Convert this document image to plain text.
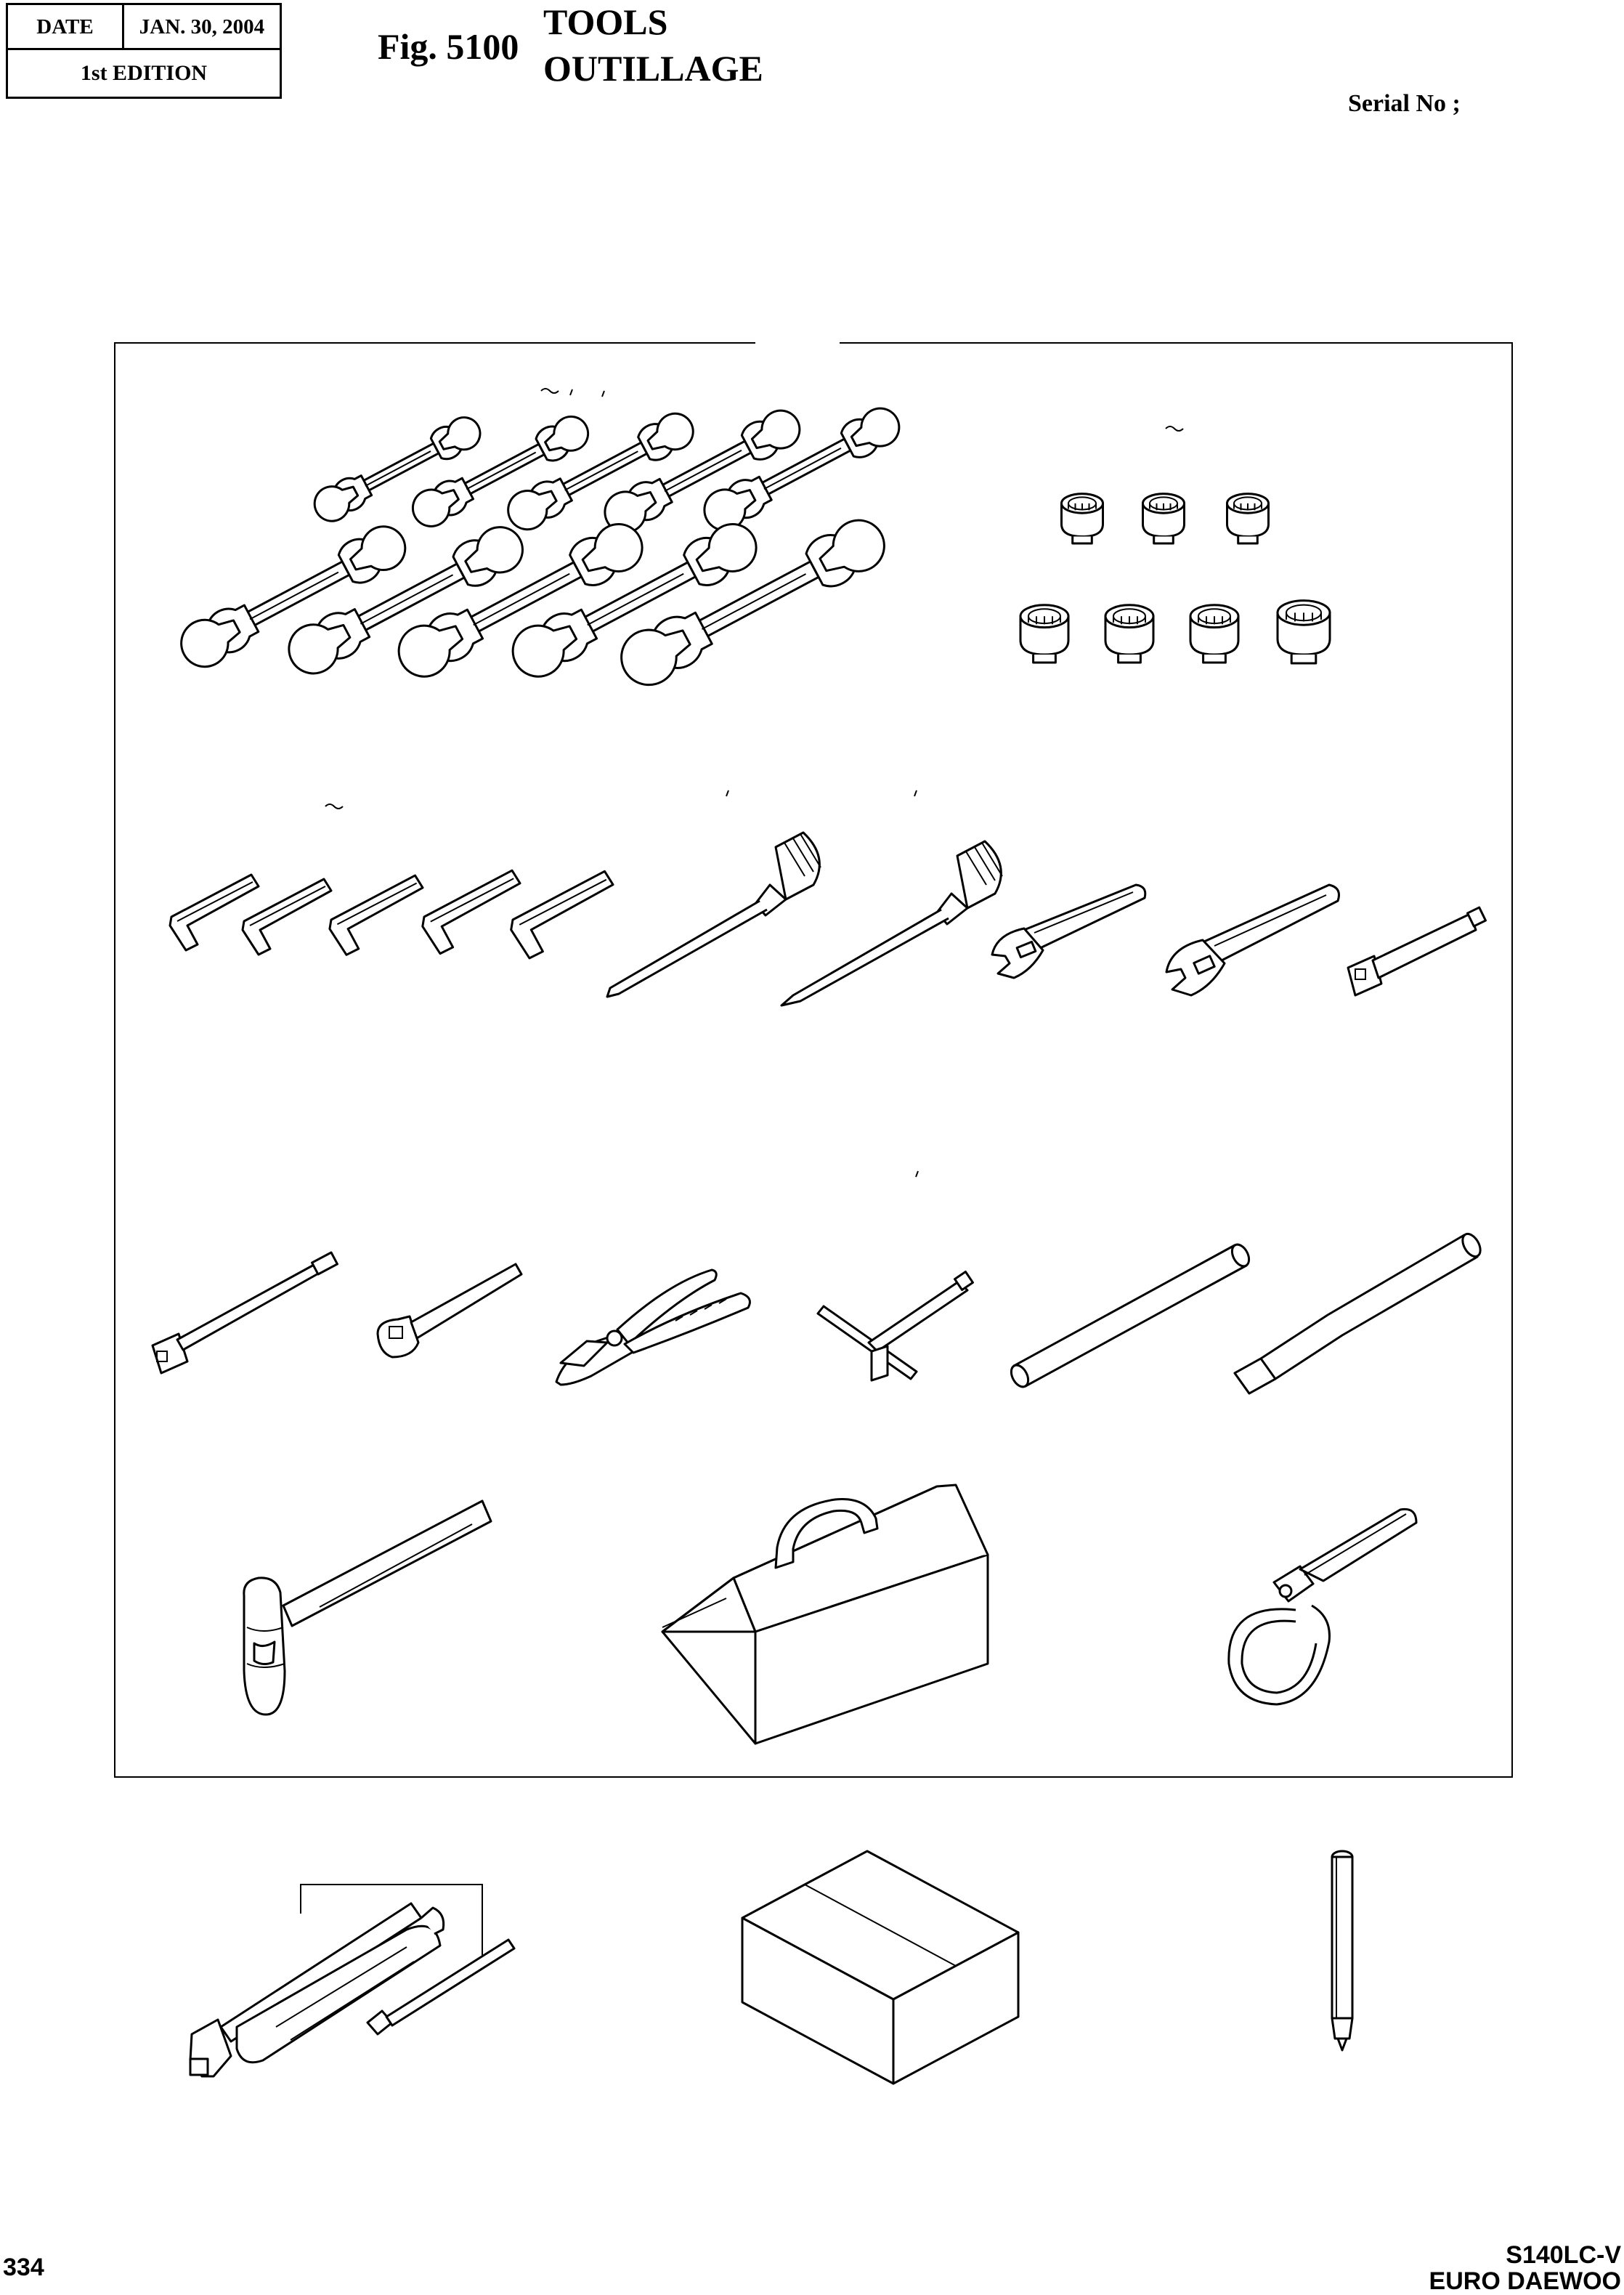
DATE	JAN. 30, 2004
1st EDITION
Fig. 5100
TOOLS
OUTILLAGE
Serial No ;
334	S140LC-V
EURO DAEWOO
